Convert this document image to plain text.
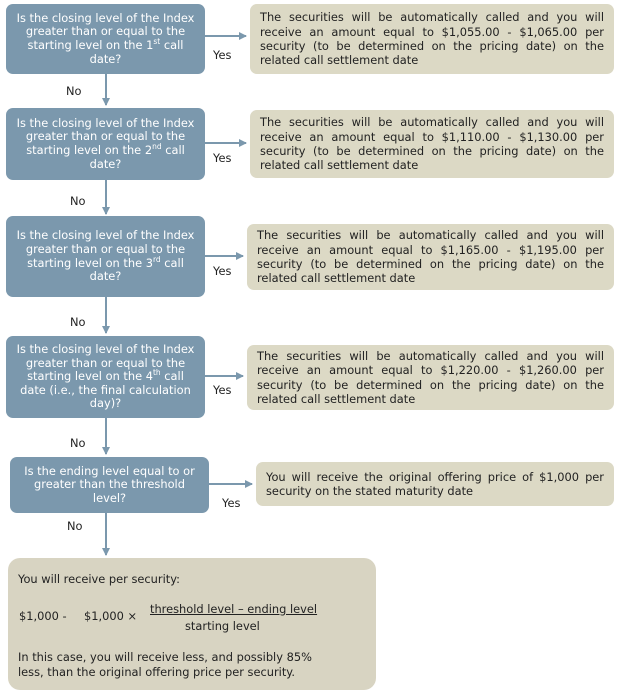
Is the closing level of the Index greater than or equal to the starting level on the 1st call date?
The securities will be automatically called and you will receive an amount equal to $1,055.00 - $1,065.00 per security (to be determined on the pricing date) on the related call settlement date
Yes
No
Is the closing level of the Index greater than or equal to the starting level on the 2nd call date?
The securities will be automatically called and you will receive an amount equal to $1,110.00 - $1,130.00 per security (to be determined on the pricing date) on the related call settlement date
Yes
No
Is the closing level of the Index greater than or equal to the starting level on the 3rd call date?
The securities will be automatically called and you will receive an amount equal to $1,165.00 - $1,195.00 per security (to be determined on the pricing date) on the related call settlement date
Yes
No
Is the closing level of the Index greater than or equal to the starting level on the 4th call date (i.e., the final calculation day)?
The securities will be automatically called and you will receive an amount equal to $1,220.00 - $1,260.00 per security (to be determined on the pricing date) on the related call settlement date
Yes
No
Is the ending level equal to or greater than the threshold level?
You will receive the original offering price of $1,000 per security on the stated maturity date
Yes
No
You will receive per security:
In this case, you will receive less, and possibly 85% less, than the original offering price per security.
$1,000 - $1,000 × threshold level – ending level
starting level
